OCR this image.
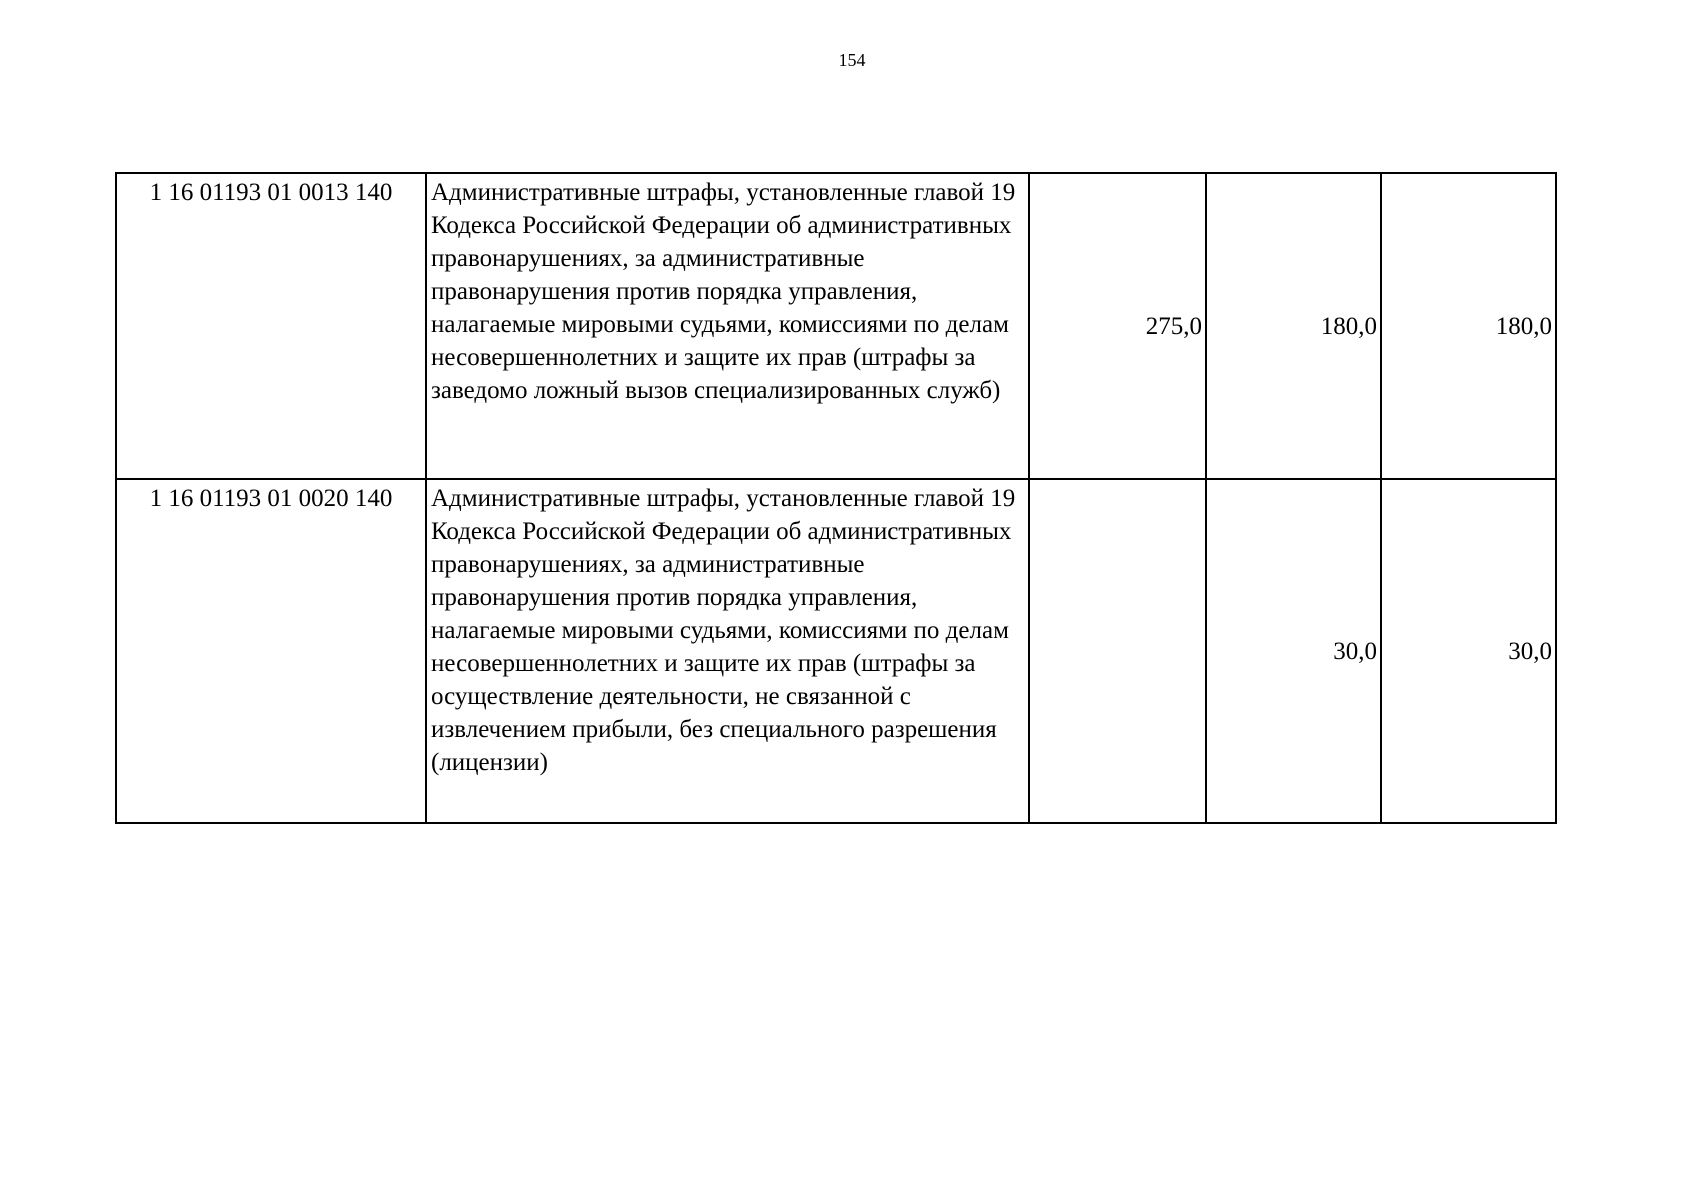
154
1 16 01193 01 0013 140	Административные штрафы, установленные главой 19 Кодекса Российской Федерации об административных правонарушениях, за административные правонарушения против порядка управления, налагаемые мировыми судьями, комиссиями по делам несовершеннолетних и защите их прав (штрафы за заведомо ложный вызов специализированных служб)	275,0	180,0	180,0
1 16 01193 01 0020 140	Административные штрафы, установленные главой 19 Кодекса Российской Федерации об административных правонарушениях, за административные правонарушения против порядка управления, налагаемые мировыми судьями, комиссиями по делам несовершеннолетних и защите их прав (штрафы за осуществление деятельности, не связанной с извлечением прибыли, без специального разрешения (лицензии)		30,0	30,0
